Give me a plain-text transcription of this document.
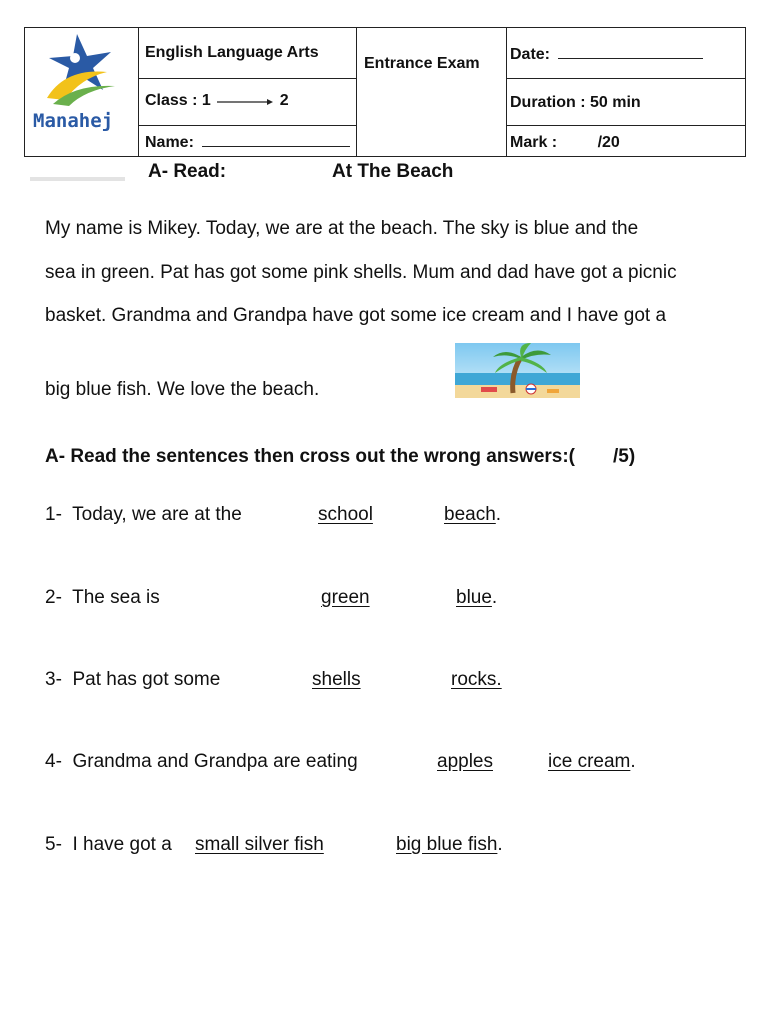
Manahej
English Language Arts
Class : 1	2
Name:
Entrance Exam
Date:
Duration : 50 min
Mark :	/20
A- Read:	At The Beach
My name is Mikey. Today, we are at the beach. The sky is blue and the
sea in green. Pat has got some pink shells. Mum and dad have got a picnic
basket. Grandma and Grandpa have got some ice cream and I have got a
big blue fish. We love the beach.
A- Read the sentences then cross out the wrong answers:( /5)
1- Today, we are at the	school	beach.
2- The sea is	green	blue.
3- Pat has got some	shells	rocks.
4- Grandma and Grandpa are eating	apples	ice cream.
5- I have got a small silver fish	big blue fish.
